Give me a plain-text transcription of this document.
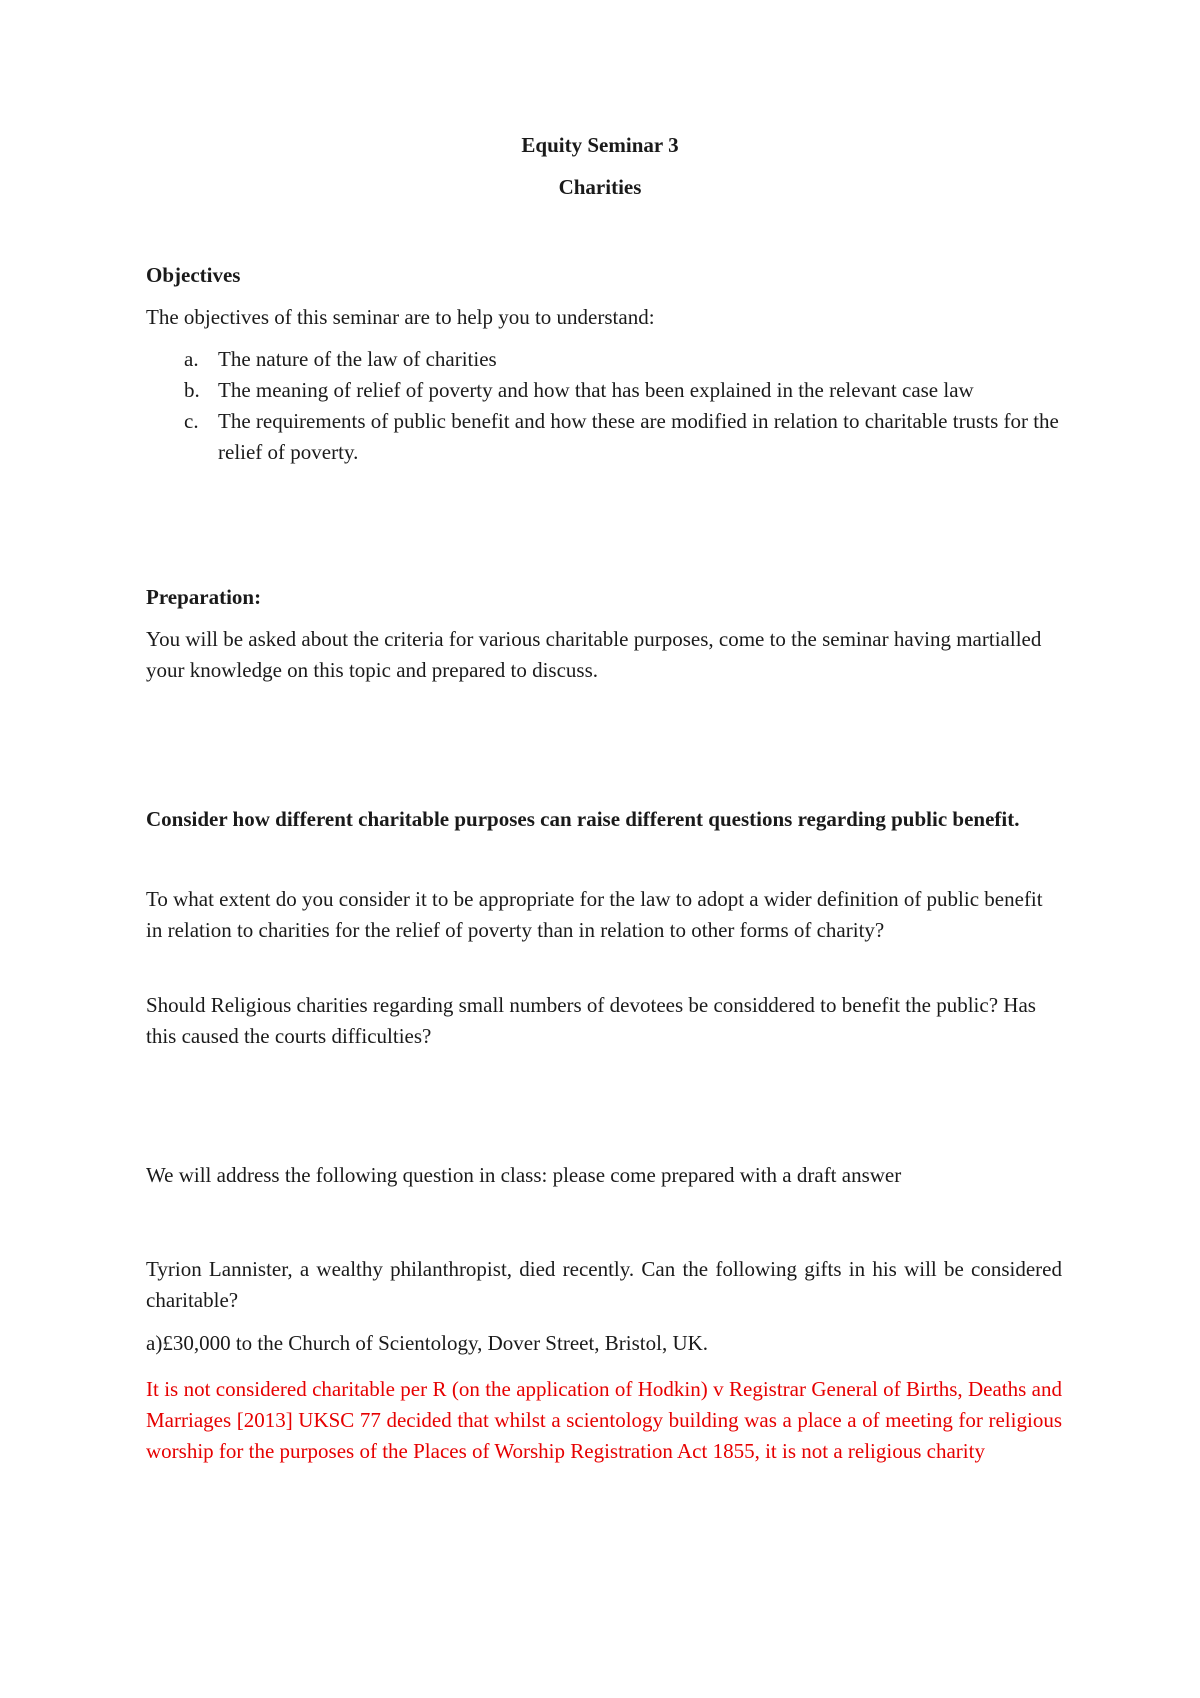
Equity Seminar 3

Charities

Objectives

The objectives of this seminar are to help you to understand:

a. The nature of the law of charities
b. The meaning of relief of poverty and how that has been explained in the relevant case law
c. The requirements of public benefit and how these are modified in relation to charitable trusts for the relief of poverty.

Preparation:

You will be asked about the criteria for various charitable purposes, come to the seminar having martialled your knowledge on this topic and prepared to discuss.

Consider how different charitable purposes can raise different questions regarding public benefit.

To what extent do you consider it to be appropriate for the law to adopt a wider definition of public benefit in relation to charities for the relief of poverty than in relation to other forms of charity?

Should Religious charities regarding small numbers of devotees be considdered to benefit the public? Has this caused the courts difficulties?

We will address the following question in class: please come prepared with a draft answer

Tyrion Lannister, a wealthy philanthropist, died recently. Can the following gifts in his will be considered charitable?

a)£30,000 to the Church of Scientology, Dover Street, Bristol, UK.

It is not considered charitable per R (on the application of Hodkin) v Registrar General of Births, Deaths and Marriages [2013] UKSC 77 decided that whilst a scientology building was a place a of meeting for religious worship for the purposes of the Places of Worship Registration Act 1855, it is not a religious charity
